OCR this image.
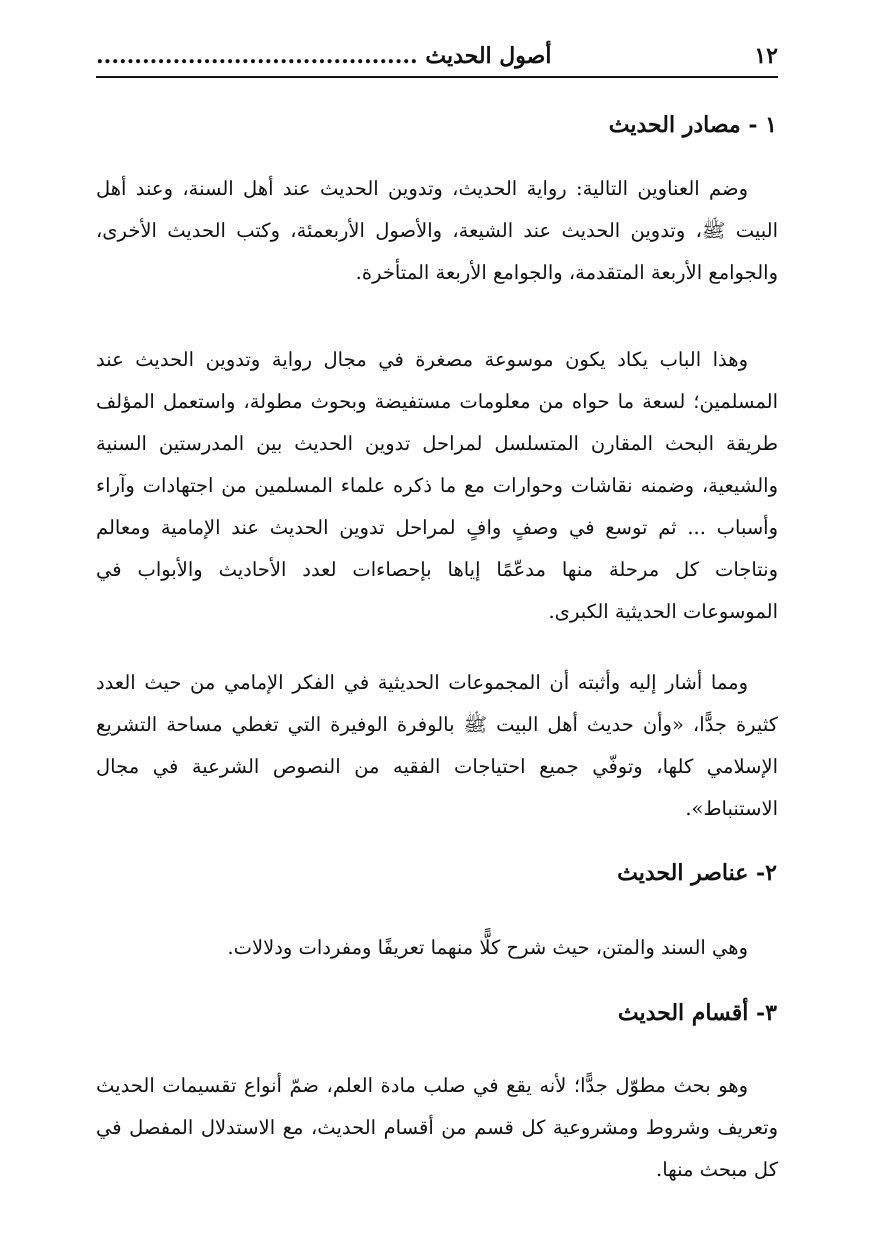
١٢
أصول الحديث ..........................................
١ - مصادر الحديث

وضم العناوين التالية: رواية الحديث، وتدوين الحديث عند أهل السنة، وعند أهل البيت ﷺ، وتدوين الحديث عند الشيعة، والأصول الأربعمئة، وكتب الحديث الأخرى، والجوامع الأربعة المتقدمة، والجوامع الأربعة المتأخرة.

وهذا الباب يكاد يكون موسوعة مصغرة في مجال رواية وتدوين الحديث عند المسلمين؛ لسعة ما حواه من معلومات مستفيضة وبحوث مطولة، واستعمل المؤلف طريقة البحث المقارن المتسلسل لمراحل تدوين الحديث بين المدرستين السنية والشيعية، وضمنه نقاشات وحوارات مع ما ذكره علماء المسلمين من اجتهادات وآراء وأسباب ... ثم توسع في وصفٍ وافٍ لمراحل تدوين الحديث عند الإمامية ومعالم ونتاجات كل مرحلة منها مدعّمًا إياها بإحصاءات لعدد الأحاديث والأبواب في الموسوعات الحديثية الكبرى.

ومما أشار إليه وأثبته أن المجموعات الحديثية في الفكر الإمامي من حيث العدد كثيرة جدًّا، «وأن حديث أهل البيت ﷺ بالوفرة الوفيرة التي تغطي مساحة التشريع الإسلامي كلها، وتوفّي جميع احتياجات الفقيه من النصوص الشرعية في مجال الاستنباط».

٢- عناصر الحديث

وهي السند والمتن، حيث شرح كلًّا منهما تعريفًا ومفردات ودلالات.

٣- أقسام الحديث

وهو بحث مطوّل جدًّا؛ لأنه يقع في صلب مادة العلم، ضمّ أنواع تقسيمات الحديث وتعريف وشروط ومشروعية كل قسم من أقسام الحديث، مع الاستدلال المفصل في كل مبحث منها.
